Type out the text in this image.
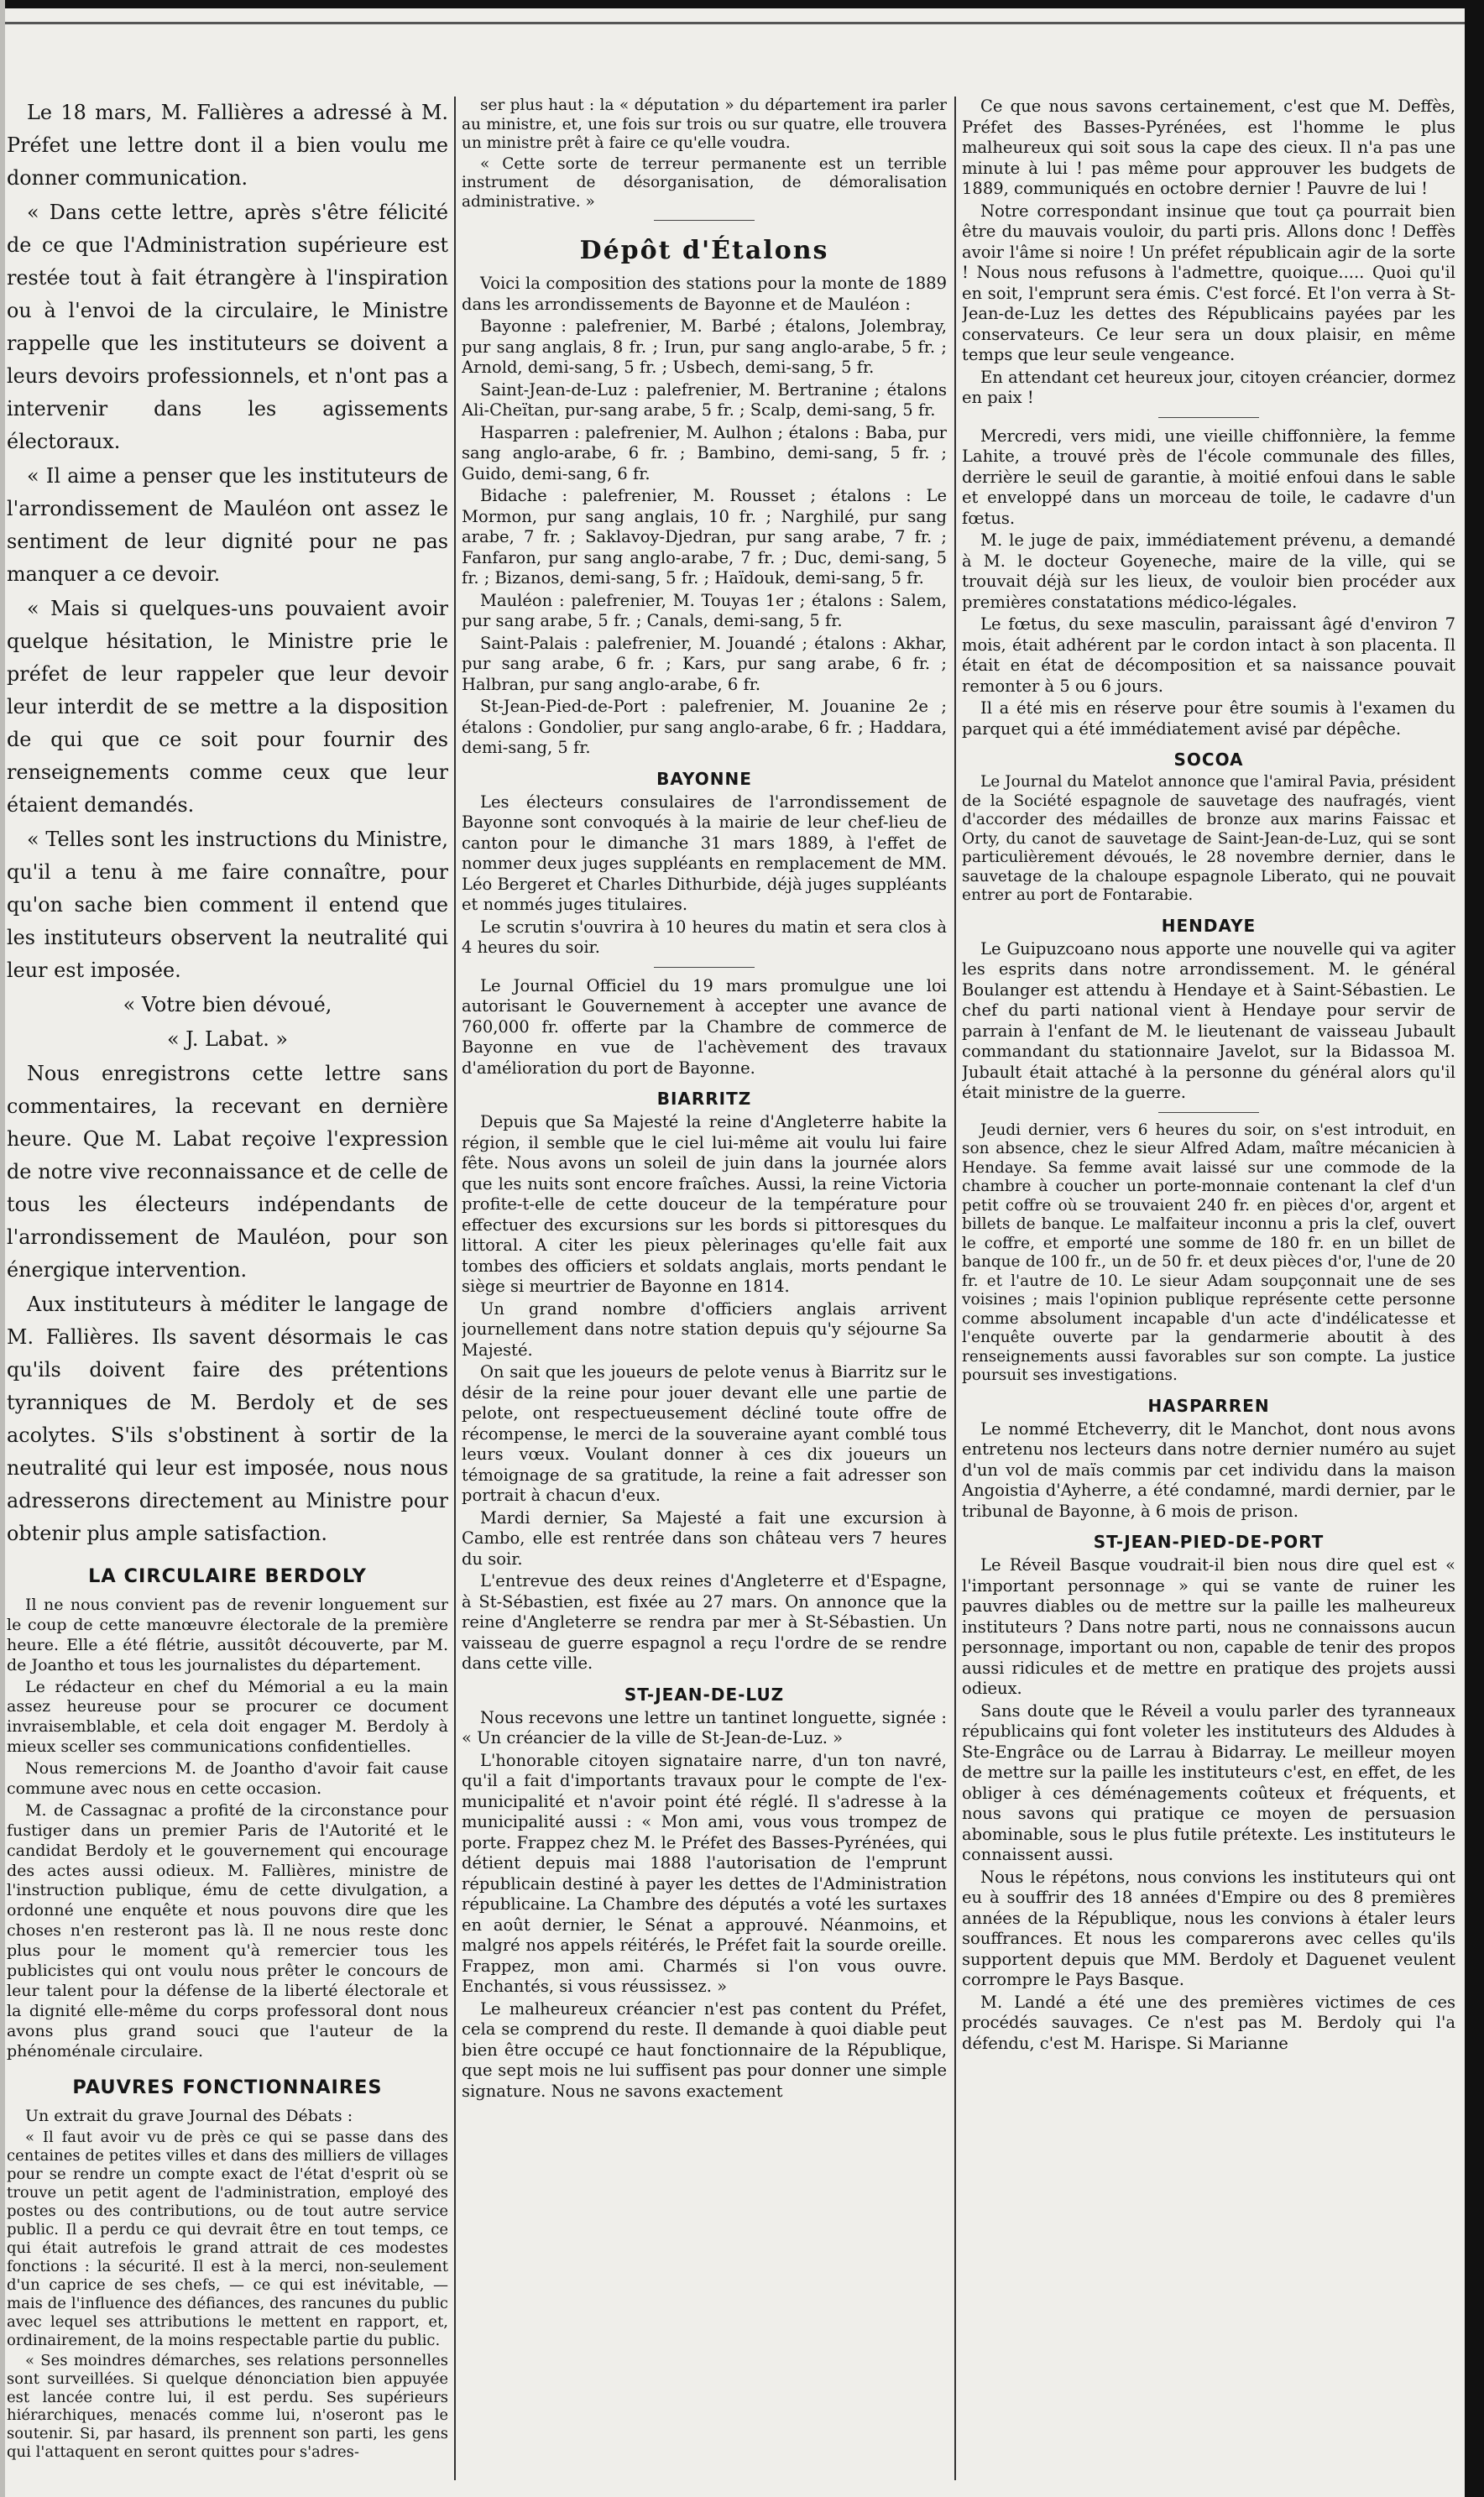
Le 18 mars, M. Fallières a adressé à M. Préfet une lettre dont il a bien voulu me donner communication.

« Dans cette lettre, après s'être félicité de ce que l'Administration supérieure est restée tout à fait étrangère à l'inspiration ou à l'envoi de la circulaire, le Ministre rappelle que les instituteurs se doivent a leurs devoirs professionnels, et n'ont pas a intervenir dans les agissements électoraux.

« Il aime a penser que les instituteurs de l'arrondissement de Mauléon ont assez le sentiment de leur dignité pour ne pas manquer a ce devoir.

« Mais si quelques-uns pouvaient avoir quelque hésitation, le Ministre prie le préfet de leur rappeler que leur devoir leur interdit de se mettre a la disposition de qui que ce soit pour fournir des renseignements comme ceux que leur étaient demandés.

« Telles sont les instructions du Ministre, qu'il a tenu à me faire connaître, pour qu'on sache bien comment il entend que les instituteurs observent la neutralité qui leur est imposée.

« Votre bien dévoué,

« J. Labat. »

Nous enregistrons cette lettre sans commentaires, la recevant en dernière heure. Que M. Labat reçoive l'expression de notre vive reconnaissance et de celle de tous les électeurs indépendants de l'arrondissement de Mauléon, pour son énergique intervention.

Aux instituteurs à méditer le langage de M. Fallières. Ils savent désormais le cas qu'ils doivent faire des prétentions tyranniques de M. Berdoly et de ses acolytes. S'ils s'obstinent à sortir de la neutralité qui leur est imposée, nous nous adresserons directement au Ministre pour obtenir plus ample satisfaction.

LA CIRCULAIRE BERDOLY

Il ne nous convient pas de revenir longuement sur le coup de cette manœuvre électorale de la première heure. Elle a été flétrie, aussitôt découverte, par M. de Joantho et tous les journalistes du département.

Le rédacteur en chef du Mémorial a eu la main assez heureuse pour se procurer ce document invraisemblable, et cela doit engager M. Berdoly à mieux sceller ses communications confidentielles.

Nous remercions M. de Joantho d'avoir fait cause commune avec nous en cette occasion.

M. de Cassagnac a profité de la circonstance pour fustiger dans un premier Paris de l'Autorité et le candidat Berdoly et le gouvernement qui encourage des actes aussi odieux. M. Fallières, ministre de l'instruction publique, ému de cette divulgation, a ordonné une enquête et nous pouvons dire que les choses n'en resteront pas là. Il ne nous reste donc plus pour le moment qu'à remercier tous les publicistes qui ont voulu nous prêter le concours de leur talent pour la défense de la liberté électorale et la dignité elle-même du corps professoral dont nous avons plus grand souci que l'auteur de la phénoménale circulaire.

PAUVRES FONCTIONNAIRES

Un extrait du grave Journal des Débats :

« Il faut avoir vu de près ce qui se passe dans des centaines de petites villes et dans des milliers de villages pour se rendre un compte exact de l'état d'esprit où se trouve un petit agent de l'administration, employé des postes ou des contributions, ou de tout autre service public. Il a perdu ce qui devrait être en tout temps, ce qui était autrefois le grand attrait de ces modestes fonctions : la sécurité. Il est à la merci, non-seulement d'un caprice de ses chefs, — ce qui est inévitable, — mais de l'influence des défiances, des rancunes du public avec lequel ses attributions le mettent en rapport, et, ordinairement, de la moins respectable partie du public.

« Ses moindres démarches, ses relations personnelles sont surveillées. Si quelque dénonciation bien appuyée est lancée contre lui, il est perdu. Ses supérieurs hiérarchiques, menacés comme lui, n'oseront pas le soutenir. Si, par hasard, ils prennent son parti, les gens qui l'attaquent en seront quittes pour s'adres-

ser plus haut : la « députation » du département ira parler au ministre, et, une fois sur trois ou sur quatre, elle trouvera un ministre prêt à faire ce qu'elle voudra.

« Cette sorte de terreur permanente est un terrible instrument de désorganisation, de démoralisation administrative. »

Dépôt d'Étalons

Voici la composition des stations pour la monte de 1889 dans les arrondissements de Bayonne et de Mauléon :

Bayonne : palefrenier, M. Barbé ; étalons, Jolembray, pur sang anglais, 8 fr. ; Irun, pur sang anglo-arabe, 5 fr. ; Arnold, demi-sang, 5 fr. ; Usbech, demi-sang, 5 fr.

Saint-Jean-de-Luz : palefrenier, M. Bertranine ; étalons Ali-Cheïtan, pur-sang arabe, 5 fr. ; Scalp, demi-sang, 5 fr.

Hasparren : palefrenier, M. Aulhon ; étalons : Baba, pur sang anglo-arabe, 6 fr. ; Bambino, demi-sang, 5 fr. ; Guido, demi-sang, 6 fr.

Bidache : palefrenier, M. Rousset ; étalons : Le Mormon, pur sang anglais, 10 fr. ; Narghilé, pur sang arabe, 7 fr. ; Saklavoy-Djedran, pur sang arabe, 7 fr. ; Fanfaron, pur sang anglo-arabe, 7 fr. ; Duc, demi-sang, 5 fr. ; Bizanos, demi-sang, 5 fr. ; Haïdouk, demi-sang, 5 fr.

Mauléon : palefrenier, M. Touyas 1er ; étalons : Salem, pur sang arabe, 5 fr. ; Canals, demi-sang, 5 fr.

Saint-Palais : palefrenier, M. Jouandé ; étalons : Akhar, pur sang arabe, 6 fr. ; Kars, pur sang arabe, 6 fr. ; Halbran, pur sang anglo-arabe, 6 fr.

St-Jean-Pied-de-Port : palefrenier, M. Jouanine 2e ; étalons : Gondolier, pur sang anglo-arabe, 6 fr. ; Haddara, demi-sang, 5 fr.

BAYONNE

Les électeurs consulaires de l'arrondissement de Bayonne sont convoqués à la mairie de leur chef-lieu de canton pour le dimanche 31 mars 1889, à l'effet de nommer deux juges suppléants en remplacement de MM. Léo Bergeret et Charles Dithurbide, déjà juges suppléants et nommés juges titulaires.

Le scrutin s'ouvrira à 10 heures du matin et sera clos à 4 heures du soir.

Le Journal Officiel du 19 mars promulgue une loi autorisant le Gouvernement à accepter une avance de 760,000 fr. offerte par la Chambre de commerce de Bayonne en vue de l'achèvement des travaux d'amélioration du port de Bayonne.

BIARRITZ

Depuis que Sa Majesté la reine d'Angleterre habite la région, il semble que le ciel lui-même ait voulu lui faire fête. Nous avons un soleil de juin dans la journée alors que les nuits sont encore fraîches. Aussi, la reine Victoria profite-t-elle de cette douceur de la température pour effectuer des excursions sur les bords si pittoresques du littoral. A citer les pieux pèlerinages qu'elle fait aux tombes des officiers et soldats anglais, morts pendant le siège si meurtrier de Bayonne en 1814.

Un grand nombre d'officiers anglais arrivent journellement dans notre station depuis qu'y séjourne Sa Majesté.

On sait que les joueurs de pelote venus à Biarritz sur le désir de la reine pour jouer devant elle une partie de pelote, ont respectueusement décliné toute offre de récompense, le merci de la souveraine ayant comblé tous leurs vœux. Voulant donner à ces dix joueurs un témoignage de sa gratitude, la reine a fait adresser son portrait à chacun d'eux.

Mardi dernier, Sa Majesté a fait une excursion à Cambo, elle est rentrée dans son château vers 7 heures du soir.

L'entrevue des deux reines d'Angleterre et d'Espagne, à St-Sébastien, est fixée au 27 mars. On annonce que la reine d'Angleterre se rendra par mer à St-Sébastien. Un vaisseau de guerre espagnol a reçu l'ordre de se rendre dans cette ville.

ST-JEAN-DE-LUZ

Nous recevons une lettre un tantinet longuette, signée : « Un créancier de la ville de St-Jean-de-Luz. »

L'honorable citoyen signataire narre, d'un ton navré, qu'il a fait d'importants travaux pour le compte de l'ex-municipalité et n'avoir point été réglé. Il s'adresse à la municipalité aussi : « Mon ami, vous vous trompez de porte. Frappez chez M. le Préfet des Basses-Pyrénées, qui détient depuis mai 1888 l'autorisation de l'emprunt républicain destiné à payer les dettes de l'Administration républicaine. La Chambre des députés a voté les surtaxes en août dernier, le Sénat a approuvé. Néanmoins, et malgré nos appels réitérés, le Préfet fait la sourde oreille. Frappez, mon ami. Charmés si l'on vous ouvre. Enchantés, si vous réussissez. »

Le malheureux créancier n'est pas content du Préfet, cela se comprend du reste. Il demande à quoi diable peut bien être occupé ce haut fonctionnaire de la République, que sept mois ne lui suffisent pas pour donner une simple signature. Nous ne savons exactement

Ce que nous savons certainement, c'est que M. Deffès, Préfet des Basses-Pyrénées, est l'homme le plus malheureux qui soit sous la cape des cieux. Il n'a pas une minute à lui ! pas même pour approuver les budgets de 1889, communiqués en octobre dernier ! Pauvre de lui !

Notre correspondant insinue que tout ça pourrait bien être du mauvais vouloir, du parti pris. Allons donc ! Deffès avoir l'âme si noire ! Un préfet républicain agir de la sorte ! Nous nous refusons à l'admettre, quoique..... Quoi qu'il en soit, l'emprunt sera émis. C'est forcé. Et l'on verra à St-Jean-de-Luz les dettes des Républicains payées par les conservateurs. Ce leur sera un doux plaisir, en même temps que leur seule vengeance.

En attendant cet heureux jour, citoyen créancier, dormez en paix !

Mercredi, vers midi, une vieille chiffonnière, la femme Lahite, a trouvé près de l'école communale des filles, derrière le seuil de garantie, à moitié enfoui dans le sable et enveloppé dans un morceau de toile, le cadavre d'un fœtus.

M. le juge de paix, immédiatement prévenu, a demandé à M. le docteur Goyeneche, maire de la ville, qui se trouvait déjà sur les lieux, de vouloir bien procéder aux premières constatations médico-légales.

Le fœtus, du sexe masculin, paraissant âgé d'environ 7 mois, était adhérent par le cordon intact à son placenta. Il était en état de décomposition et sa naissance pouvait remonter à 5 ou 6 jours.

Il a été mis en réserve pour être soumis à l'examen du parquet qui a été immédiatement avisé par dépêche.

SOCOA

Le Journal du Matelot annonce que l'amiral Pavia, président de la Société espagnole de sauvetage des naufragés, vient d'accorder des médailles de bronze aux marins Faissac et Orty, du canot de sauvetage de Saint-Jean-de-Luz, qui se sont particulièrement dévoués, le 28 novembre dernier, dans le sauvetage de la chaloupe espagnole Liberato, qui ne pouvait entrer au port de Fontarabie.

HENDAYE

Le Guipuzcoano nous apporte une nouvelle qui va agiter les esprits dans notre arrondissement. M. le général Boulanger est attendu à Hendaye et à Saint-Sébastien. Le chef du parti national vient à Hendaye pour servir de parrain à l'enfant de M. le lieutenant de vaisseau Jubault commandant du stationnaire Javelot, sur la Bidassoa M. Jubault était attaché à la personne du général alors qu'il était ministre de la guerre.

Jeudi dernier, vers 6 heures du soir, on s'est introduit, en son absence, chez le sieur Alfred Adam, maître mécanicien à Hendaye. Sa femme avait laissé sur une commode de la chambre à coucher un porte-monnaie contenant la clef d'un petit coffre où se trouvaient 240 fr. en pièces d'or, argent et billets de banque. Le malfaiteur inconnu a pris la clef, ouvert le coffre, et emporté une somme de 180 fr. en un billet de banque de 100 fr., un de 50 fr. et deux pièces d'or, l'une de 20 fr. et l'autre de 10. Le sieur Adam soupçonnait une de ses voisines ; mais l'opinion publique représente cette personne comme absolument incapable d'un acte d'indélicatesse et l'enquête ouverte par la gendarmerie aboutit à des renseignements aussi favorables sur son compte. La justice poursuit ses investigations.

HASPARREN

Le nommé Etcheverry, dit le Manchot, dont nous avons entretenu nos lecteurs dans notre dernier numéro au sujet d'un vol de maïs commis par cet individu dans la maison Angoistia d'Ayherre, a été condamné, mardi dernier, par le tribunal de Bayonne, à 6 mois de prison.

ST-JEAN-PIED-DE-PORT

Le Réveil Basque voudrait-il bien nous dire quel est « l'important personnage » qui se vante de ruiner les pauvres diables ou de mettre sur la paille les malheureux instituteurs ? Dans notre parti, nous ne connaissons aucun personnage, important ou non, capable de tenir des propos aussi ridicules et de mettre en pratique des projets aussi odieux.

Sans doute que le Réveil a voulu parler des tyranneaux républicains qui font voleter les instituteurs des Aldudes à Ste-Engrâce ou de Larrau à Bidarray. Le meilleur moyen de mettre sur la paille les instituteurs c'est, en effet, de les obliger à ces déménagements coûteux et fréquents, et nous savons qui pratique ce moyen de persuasion abominable, sous le plus futile prétexte. Les instituteurs le connaissent aussi.

Nous le répétons, nous convions les instituteurs qui ont eu à souffrir des 18 années d'Empire ou des 8 premières années de la République, nous les convions à étaler leurs souffrances. Et nous les comparerons avec celles qu'ils supportent depuis que MM. Berdoly et Daguenet veulent corrompre le Pays Basque.

M. Landé a été une des premières victimes de ces procédés sauvages. Ce n'est pas M. Berdoly qui l'a défendu, c'est M. Harispe. Si Marianne
